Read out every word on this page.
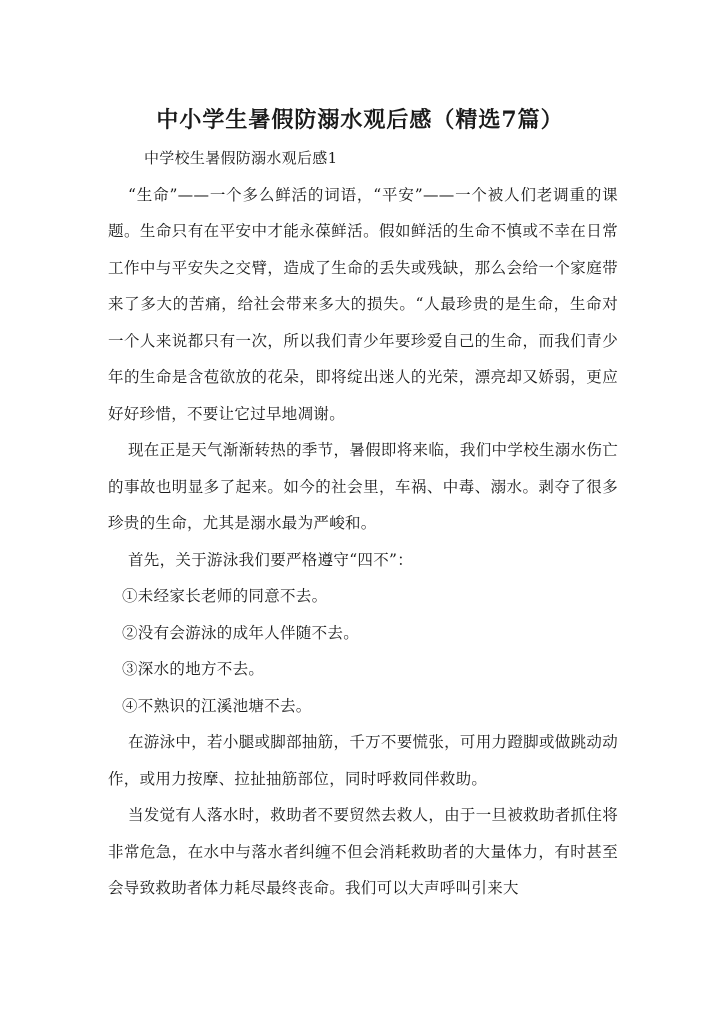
中小学生暑假防溺水观后感（精选7篇）

中学校生暑假防溺水观后感1

“生命”——一个多么鲜活的词语，“平安”——一个被人们老调重的课题。生命只有在平安中才能永葆鲜活。假如鲜活的生命不慎或不幸在日常工作中与平安失之交臂，造成了生命的丢失或残缺，那么会给一个家庭带来了多大的苦痛，给社会带来多大的损失。“人最珍贵的是生命，生命对一个人来说都只有一次，所以我们青少年要珍爱自己的生命，而我们青少年的生命是含苞欲放的花朵，即将绽出迷人的光荣，漂亮却又娇弱，更应好好珍惜，不要让它过早地凋谢。

现在正是天气渐渐转热的季节，暑假即将来临，我们中学校生溺水伤亡的事故也明显多了起来。如今的社会里，车祸、中毒、溺水。剥夺了很多珍贵的生命，尤其是溺水最为严峻和。

首先，关于游泳我们要严格遵守“四不”：

①未经家长老师的同意不去。

②没有会游泳的成年人伴随不去。

③深水的地方不去。

④不熟识的江溪池塘不去。

在游泳中，若小腿或脚部抽筋，千万不要慌张，可用力蹬脚或做跳动动作，或用力按摩、拉扯抽筋部位，同时呼救同伴救助。

当发觉有人落水时，救助者不要贸然去救人，由于一旦被救助者抓住将非常危急，在水中与落水者纠缠不但会消耗救助者的大量体力，有时甚至会导致救助者体力耗尽最终丧命。我们可以大声呼叫引来大
